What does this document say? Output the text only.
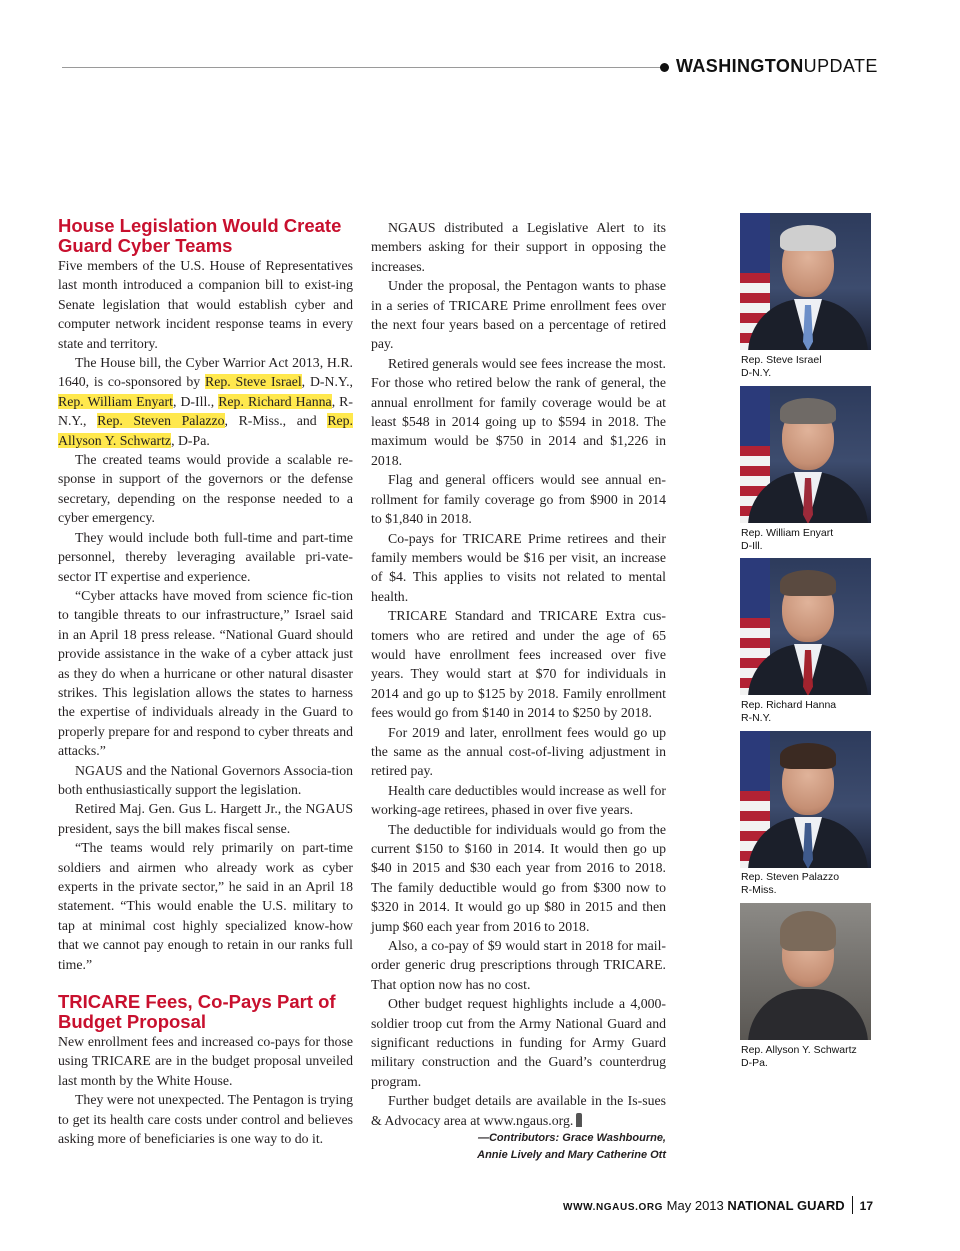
WASHINGTONUPDATE
House Legislation Would Create Guard Cyber Teams

Five members of the U.S. House of Representatives last month introduced a companion bill to exist-ing Senate legislation that would establish cyber and computer network incident response teams in every state and territory.

The House bill, the Cyber Warrior Act 2013, H.R. 1640, is co-sponsored by Rep. Steve Israel, D-N.Y., Rep. William Enyart, D-Ill., Rep. Richard Hanna, R-N.Y., Rep. Steven Palazzo, R-Miss., and Rep. Allyson Y. Schwartz, D-Pa.

The created teams would provide a scalable re-sponse in support of the governors or the defense secretary, depending on the response needed to a cyber emergency.

They would include both full-time and part-time personnel, thereby leveraging available pri-vate-sector IT expertise and experience.

“Cyber attacks have moved from science fic-tion to tangible threats to our infrastructure,” Israel said in an April 18 press release. “National Guard should provide assistance in the wake of a cyber attack just as they do when a hurricane or other natural disaster strikes. This legislation allows the states to harness the expertise of individuals already in the Guard to properly prepare for and respond to cyber threats and attacks.”

NGAUS and the National Governors Associa-tion both enthusiastically support the legislation.

Retired Maj. Gen. Gus L. Hargett Jr., the NGAUS president, says the bill makes fiscal sense.

“The teams would rely primarily on part-time soldiers and airmen who already work as cyber experts in the private sector,” he said in an April 18 statement. “This would enable the U.S. military to tap at minimal cost highly specialized know-how that we cannot pay enough to retain in our ranks full time.”

TRICARE Fees, Co-Pays Part of Budget Proposal

New enrollment fees and increased co-pays for those using TRICARE are in the budget proposal unveiled last month by the White House.

They were not unexpected. The Pentagon is trying to get its health care costs under control and believes asking more of beneficiaries is one way to do it.

NGAUS distributed a Legislative Alert to its members asking for their support in opposing the increases.

Under the proposal, the Pentagon wants to phase in a series of TRICARE Prime enrollment fees over the next four years based on a percentage of retired pay.

Retired generals would see fees increase the most. For those who retired below the rank of general, the annual enrollment for family coverage would be at least $548 in 2014 going up to $594 in 2018. The maximum would be $750 in 2014 and $1,226 in 2018.

Flag and general officers would see annual en-rollment for family coverage go from $900 in 2014 to $1,840 in 2018.

Co-pays for TRICARE Prime retirees and their family members would be $16 per visit, an increase of $4. This applies to visits not related to mental health.

TRICARE Standard and TRICARE Extra cus-tomers who are retired and under the age of 65 would have enrollment fees increased over five years. They would start at $70 for individuals in 2014 and go up to $125 by 2018. Family enrollment fees would go from $140 in 2014 to $250 by 2018.

For 2019 and later, enrollment fees would go up the same as the annual cost-of-living adjustment in retired pay.

Health care deductibles would increase as well for working-age retirees, phased in over five years.

The deductible for individuals would go from the current $150 to $160 in 2014. It would then go up $40 in 2015 and $30 each year from 2016 to 2018. The family deductible would go from $300 now to $320 in 2014. It would go up $80 in 2015 and then jump $60 each year from 2016 to 2018.

Also, a co-pay of $9 would start in 2018 for mail-order generic drug prescriptions through TRICARE. That option now has no cost.

Other budget request highlights include a 4,000-soldier troop cut from the Army National Guard and significant reductions in funding for Army Guard military construction and the Guard’s counterdrug program.

Further budget details are available in the Is-sues & Advocacy area at www.ngaus.org.

—Contributors: Grace Washbourne,
Annie Lively and Mary Catherine Ott
Rep. Steve Israel
D-N.Y.
Rep. William Enyart
D-Ill.
Rep. Richard Hanna
R-N.Y.
Rep. Steven Palazzo
R-Miss.
Rep. Allyson Y. Schwartz
D-Pa.
WWW.NGAUS.ORG May 2013 NATIONAL GUARD 17
